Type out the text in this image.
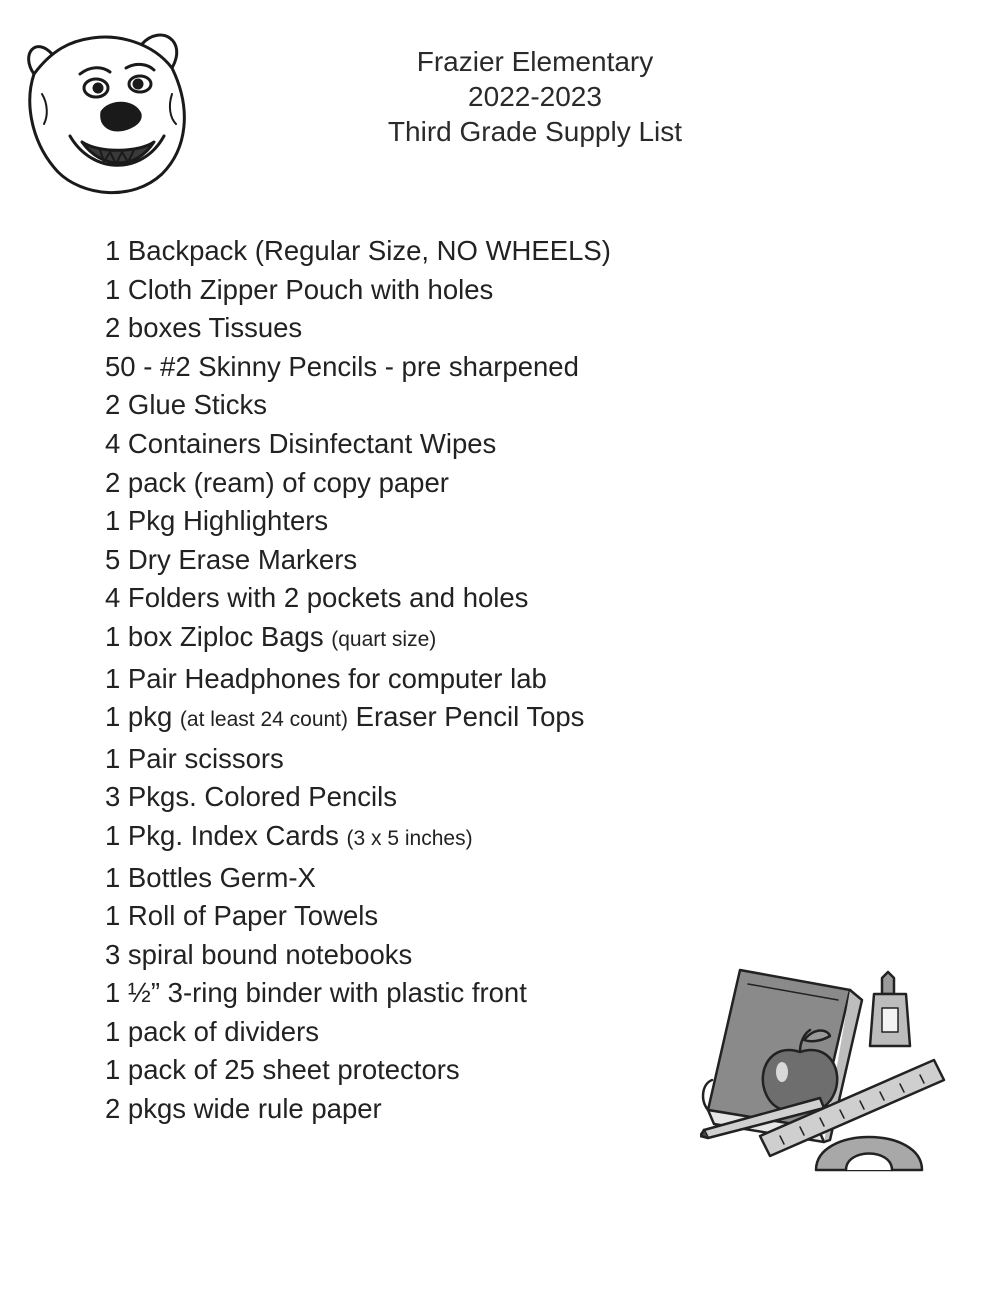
Frazier Elementary
2022-2023
Third Grade Supply List
1 Backpack (Regular Size, NO WHEELS)
1 Cloth Zipper Pouch with holes
2 boxes Tissues
50 - #2 Skinny Pencils - pre sharpened
2 Glue Sticks
4 Containers Disinfectant Wipes
2 pack (ream) of copy paper
1 Pkg Highlighters
5 Dry Erase Markers
4 Folders with 2 pockets and holes
1 box Ziploc Bags (quart size)
1 Pair Headphones for computer lab
1 pkg (at least 24 count) Eraser Pencil Tops
1 Pair scissors
3 Pkgs. Colored Pencils
1 Pkg. Index Cards (3 x 5 inches)
1 Bottles Germ-X
1 Roll of Paper Towels
3 spiral bound notebooks
1 ½” 3-ring binder with plastic front
1 pack of dividers
1 pack of 25 sheet protectors
2 pkgs wide rule paper
